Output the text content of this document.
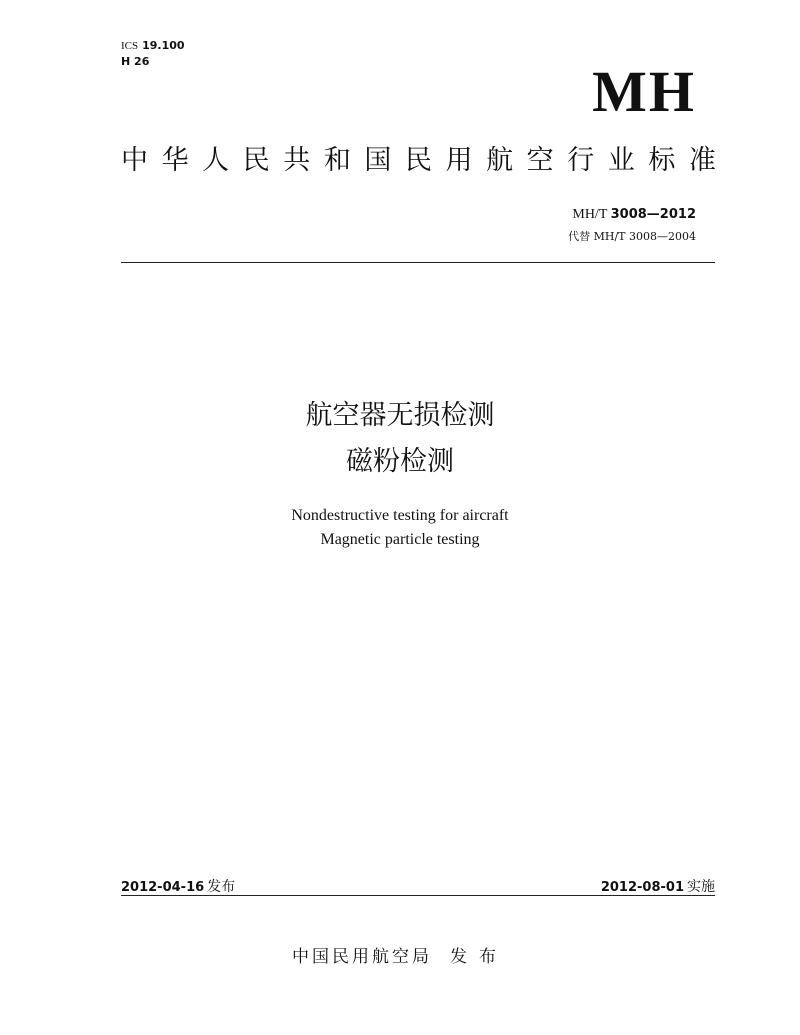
ICS 19.100
H 26	MH
中 华 人 民 共 和 国 民 用 航 空 行 业 标 准
MH/T 3008—2012
代替 MH/T 3008—2004
航空器无损检测
磁粉检测
Nondestructive testing for aircraft
Magnetic particle testing
2012-04-16 发布	2012-08-01 实施
中国民用航空局 发布
